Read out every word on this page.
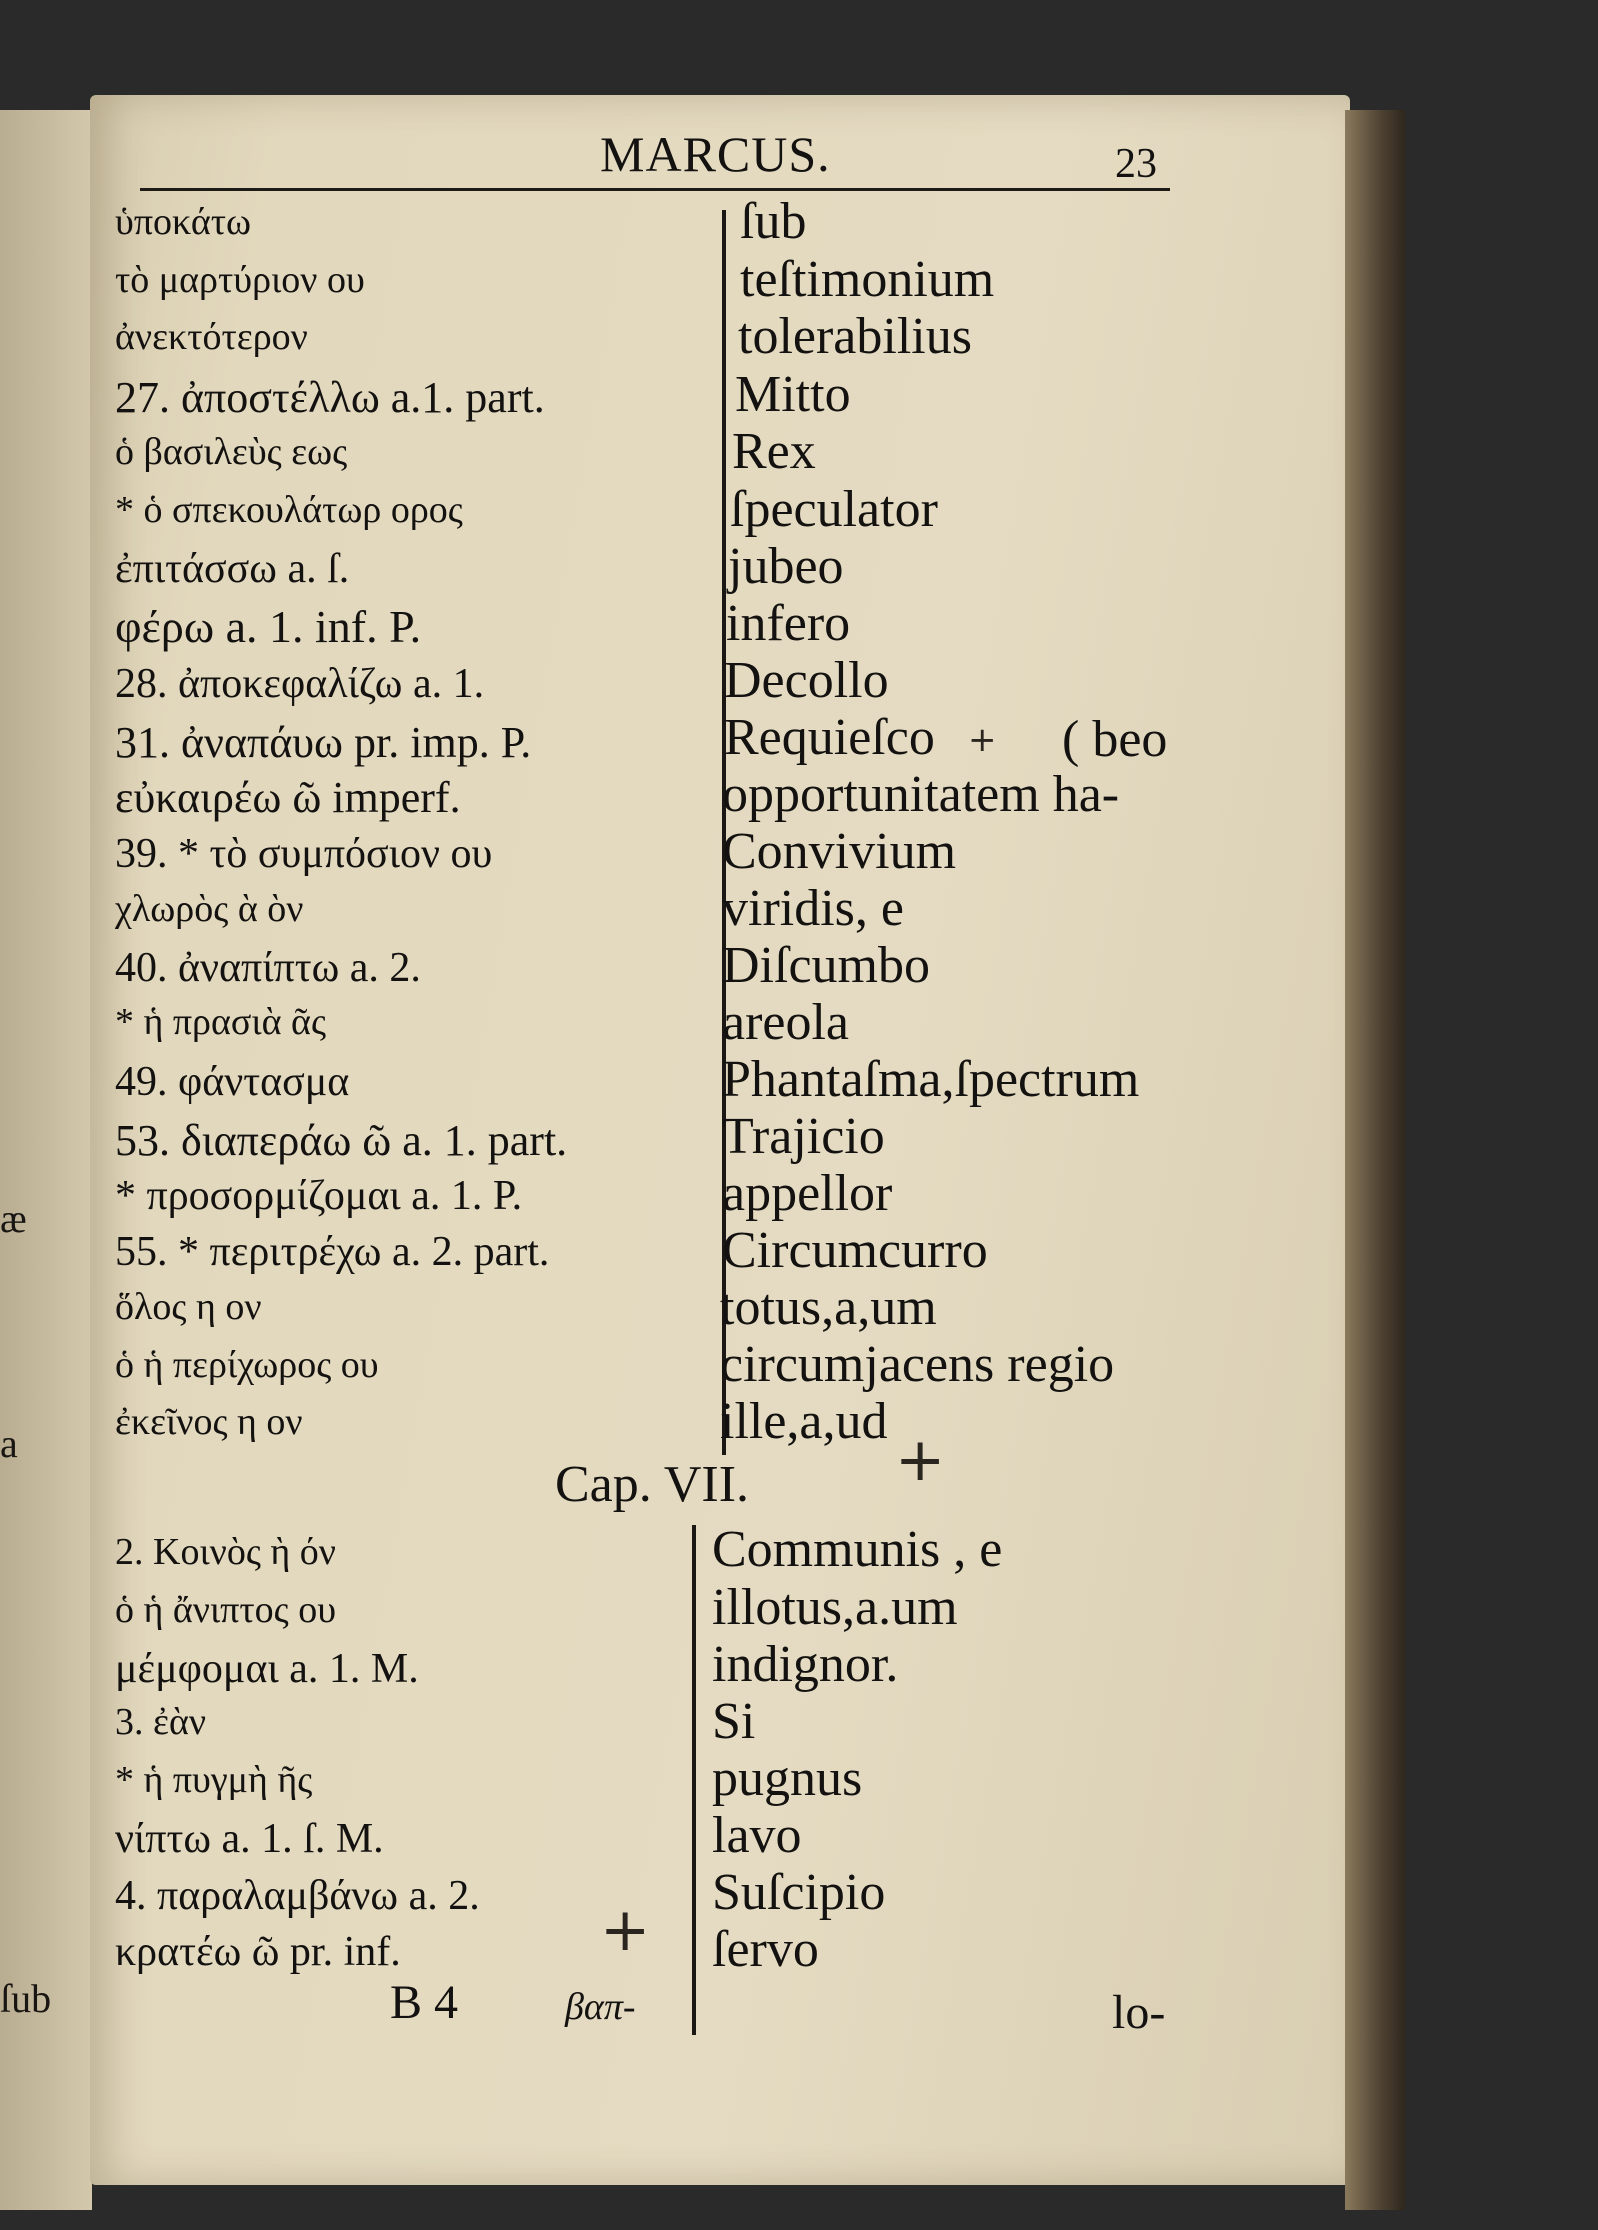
æ
a
ſub
MARCUS.	23
ὑποκάτω	ſub
τὸ μαρτύριον ου	teſtimonium
ἀνεκτότερον	tolerabilius
27. ἀποστέλλω a.1. part.	Mitto
ὁ βασιλεὺς εως	Rex
* ὁ σπεκουλάτωρ ορος	ſpeculator
ἐπιτάσσω a. ſ.	jubeo
φέρω a. 1. inf. P.	infero
28. ἀποκεφαλίζω a. 1.	Decollo
31. ἀναπάυω pr. imp. P.	Requieſco ( beo
εὐκαιρέω ῶ imperf.	opportunitatem ha-
39. * τὸ συμπόσιον ου	Convivium
χλωρὸς ὰ ὸν	viridis, e
40. ἀναπίπτω a. 2.	Diſcumbo
* ἡ πρασιὰ ᾶς	areola
49. φάντασμα	Phantaſma,ſpectrum
53. διαπεράω ῶ a. 1. part.	Trajicio
* προσορμίζομαι a. 1. P.	appellor
55. * περιτρέχω a. 2. part.	Circumcurro
ὅλος η ον	totus,a,um
ὁ ἡ περίχωρος ου	circumjacens regio
ἐκεῖνος η ον	ille,a,ud
Cap. VII.
2. Κοινὸς ὴ όν	Communis , e
ὁ ἡ ἄνιπτος ου	illotus,a.um
μέμφομαι a. 1. M.	indignor.
3. ἐὰν	Si
* ἡ πυγμὴ ῆς	pugnus
νίπτω a. 1. ſ. M.	lavo
4. παραλαμβάνω a. 2.	Suſcipio
κρατέω ῶ pr. inf.	ſervo
B 4	βαπ-	lo-
+
+
+
